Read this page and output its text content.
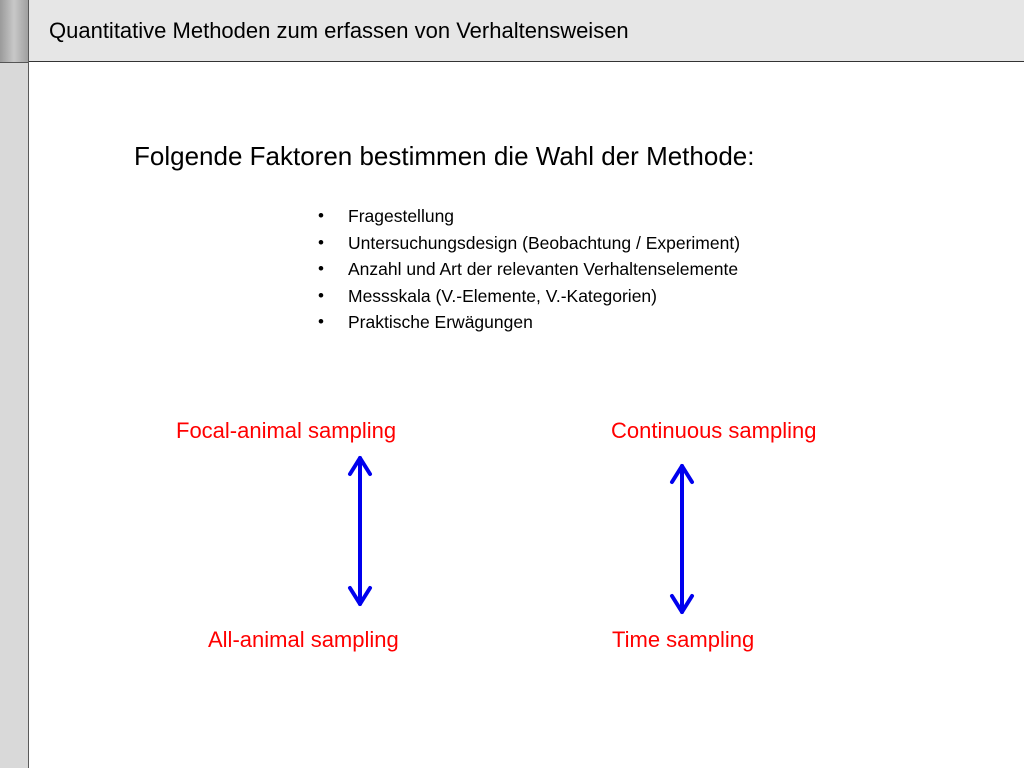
Quantitative Methoden zum erfassen von Verhaltensweisen
Folgende Faktoren bestimmen die Wahl der Methode:
• Fragestellung
• Untersuchungsdesign (Beobachtung / Experiment)
• Anzahl und Art der relevanten Verhaltenselemente
• Messskala (V.-Elemente, V.-Kategorien)
• Praktische Erwägungen
Focal-animal sampling	Continuous sampling
All-animal sampling	Time sampling
